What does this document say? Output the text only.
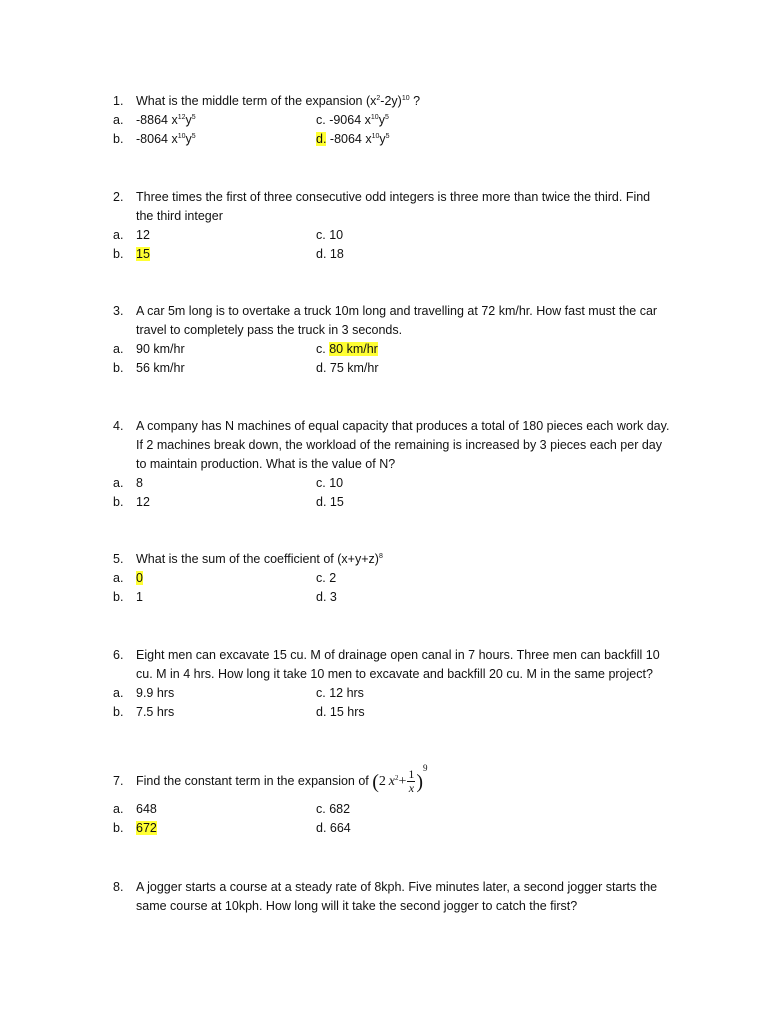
1. What is the middle term of the expansion $(x^2-2y)^{10}$ ?
a. -8864 $x^{12}y^5$	c. -9064 $x^{10}y^5$
b. -8064 $x^{10}y^5$	d. -8064 $x^{10}y^5$
2. Three times the first of three consecutive odd integers is three more than twice the third. Find
the third integer
a. 12	c. 10
b. 15	d. 18
3. A car 5m long is to overtake a truck 10m long and travelling at 72 km/hr. How fast must the car
travel to completely pass the truck in 3 seconds.
a. 90 km/hr	c. 80 km/hr
b. 56 km/hr	d. 75 km/hr
4. A company has N machines of equal capacity that produces a total of 180 pieces each work day.
If 2 machines break down, the workload of the remaining is increased by 3 pieces each per day
to maintain production. What is the value of N?
a. 8	c. 10
b. 12	d. 15
5. What is the sum of the coefficient of $(x+y+z)^8$
a. 0	c. 2
b. 1	d. 3
6. Eight men can excavate 15 cu. M of drainage open canal in 7 hours. Three men can backfill 10
cu. M in 4 hrs. How long it take 10 men to excavate and backfill 20 cu. M in the same project?
a. 9.9 hrs	c. 12 hrs
b. 7.5 hrs	d. 15 hrs
7. Find the constant term in the expansion of (2  $x^2+ \frac{1}{x} )^9$
a. 648	c. 682
b. 672	d. 664
8. A jogger starts a course at a steady rate of 8kph. Five minutes later, a second jogger starts the
same course at 10kph. How long will it take the second jogger to catch the first?
